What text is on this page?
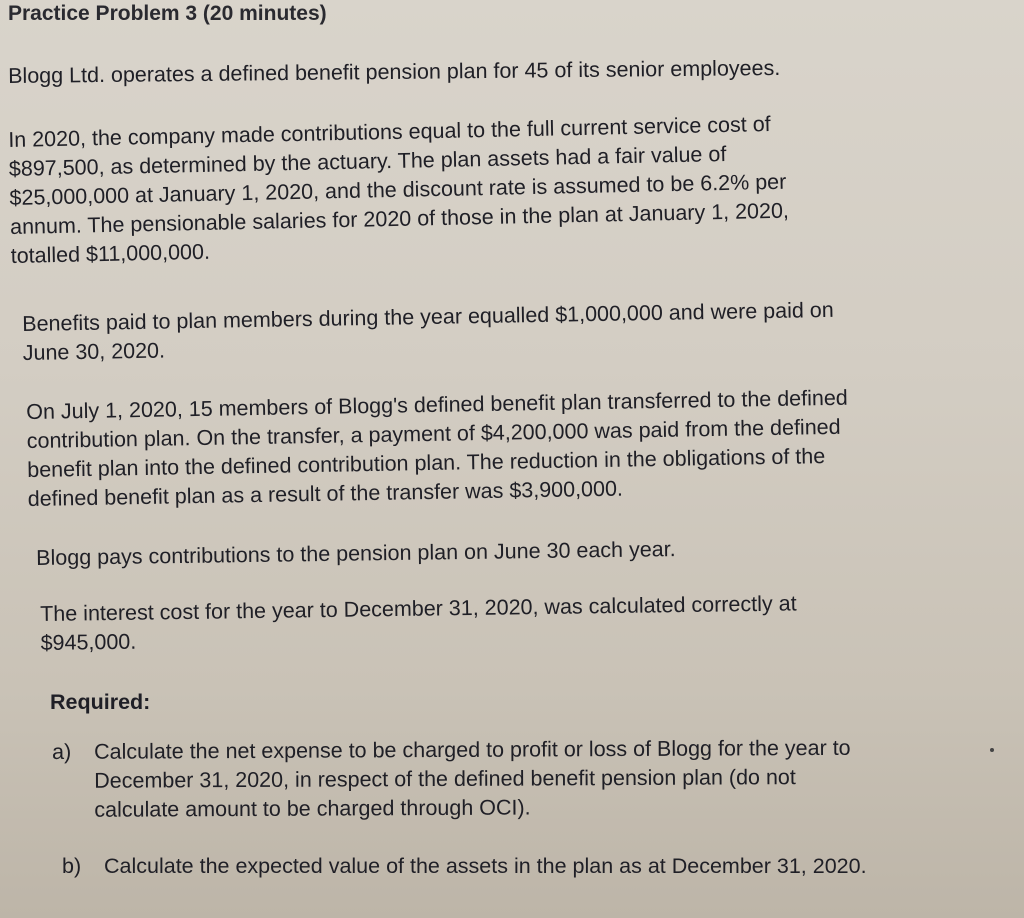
Practice Problem 3 (20 minutes)
Blogg Ltd. operates a defined benefit pension plan for 45 of its senior employees.
In 2020, the company made contributions equal to the full current service cost of
$897,500, as determined by the actuary. The plan assets had a fair value of
$25,000,000 at January 1, 2020, and the discount rate is assumed to be 6.2% per
annum. The pensionable salaries for 2020 of those in the plan at January 1, 2020,
totalled $11,000,000.
Benefits paid to plan members during the year equalled $1,000,000 and were paid on
June 30, 2020.
On July 1, 2020, 15 members of Blogg's defined benefit plan transferred to the defined
contribution plan. On the transfer, a payment of $4,200,000 was paid from the defined
benefit plan into the defined contribution plan. The reduction in the obligations of the
defined benefit plan as a result of the transfer was $3,900,000.
Blogg pays contributions to the pension plan on June 30 each year.
The interest cost for the year to December 31, 2020, was calculated correctly at
$945,000.
Required:
a)	Calculate the net expense to be charged to profit or loss of Blogg for the year to
December 31, 2020, in respect of the defined benefit pension plan (do not
calculate amount to be charged through OCI).
b)	Calculate the expected value of the assets in the plan as at December 31, 2020.
